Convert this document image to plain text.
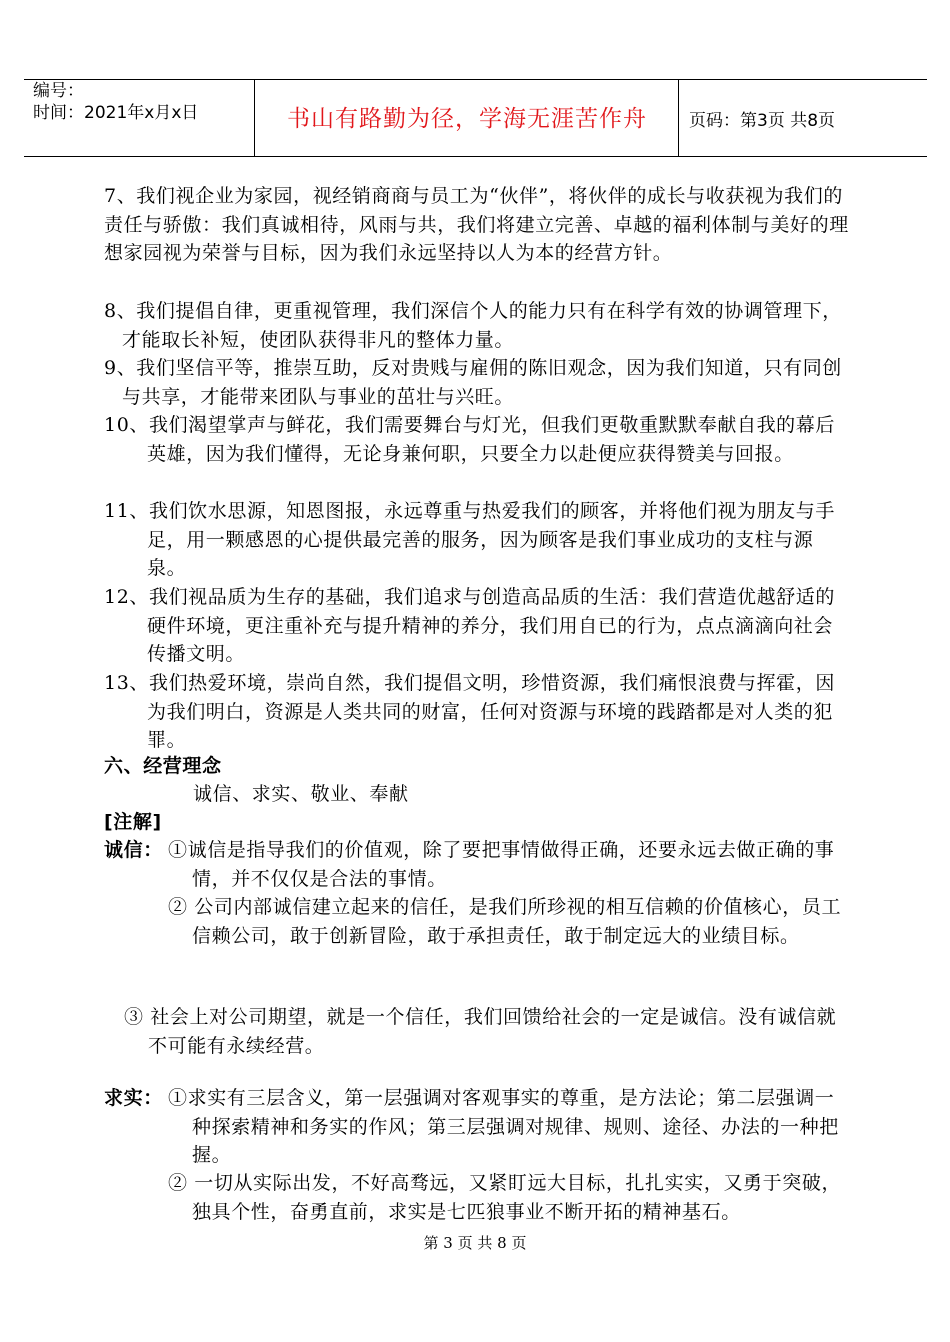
编号：
时间：2021年x月x日	书山有路勤为径，学海无涯苦作舟	页码：第3页 共8页
7、我们视企业为家园，视经销商商与员工为“伙伴”，将伙伴的成长与收获视为我们的责任与骄傲：我们真诚相待，风雨与共，我们将建立完善、卓越的福利体制与美好的理想家园视为荣誉与目标，因为我们永远坚持以人为本的经营方针。
8、我们提倡自律，更重视管理，我们深信个人的能力只有在科学有效的协调管理下，才能取长补短，使团队获得非凡的整体力量。
9、我们坚信平等，推崇互助，反对贵贱与雇佣的陈旧观念，因为我们知道，只有同创与共享，才能带来团队与事业的茁壮与兴旺。
10、我们渴望掌声与鲜花，我们需要舞台与灯光，但我们更敬重默默奉献自我的幕后英雄，因为我们懂得，无论身兼何职，只要全力以赴便应获得赞美与回报。
11、我们饮水思源，知恩图报，永远尊重与热爱我们的顾客，并将他们视为朋友与手足，用一颗感恩的心提供最完善的服务，因为顾客是我们事业成功的支柱与源泉。
12、我们视品质为生存的基础，我们追求与创造高品质的生活：我们营造优越舒适的硬件环境，更注重补充与提升精神的养分，我们用自已的行为，点点滴滴向社会传播文明。
13、我们热爱环境，崇尚自然，我们提倡文明，珍惜资源，我们痛恨浪费与挥霍，因为我们明白，资源是人类共同的财富，任何对资源与环境的践踏都是对人类的犯罪。
六、经营理念
诚信、求实、敬业、奉献
[注解]
诚信： ①诚信是指导我们的价值观，除了要把事情做得正确，还要永远去做正确的事情，并不仅仅是合法的事情。
② 公司内部诚信建立起来的信任，是我们所珍视的相互信赖的价值核心，员工信赖公司，敢于创新冒险，敢于承担责任，敢于制定远大的业绩目标。
③ 社会上对公司期望，就是一个信任，我们回馈给社会的一定是诚信。没有诚信就不可能有永续经营。
求实： ①求实有三层含义，第一层强调对客观事实的尊重，是方法论；第二层强调一种探索精神和务实的作风；第三层强调对规律、规则、途径、办法的一种把握。
② 一切从实际出发，不好高骛远，又紧盯远大目标，扎扎实实，又勇于突破，独具个性，奋勇直前，求实是七匹狼事业不断开拓的精神基石。
第 3 页 共 8 页
